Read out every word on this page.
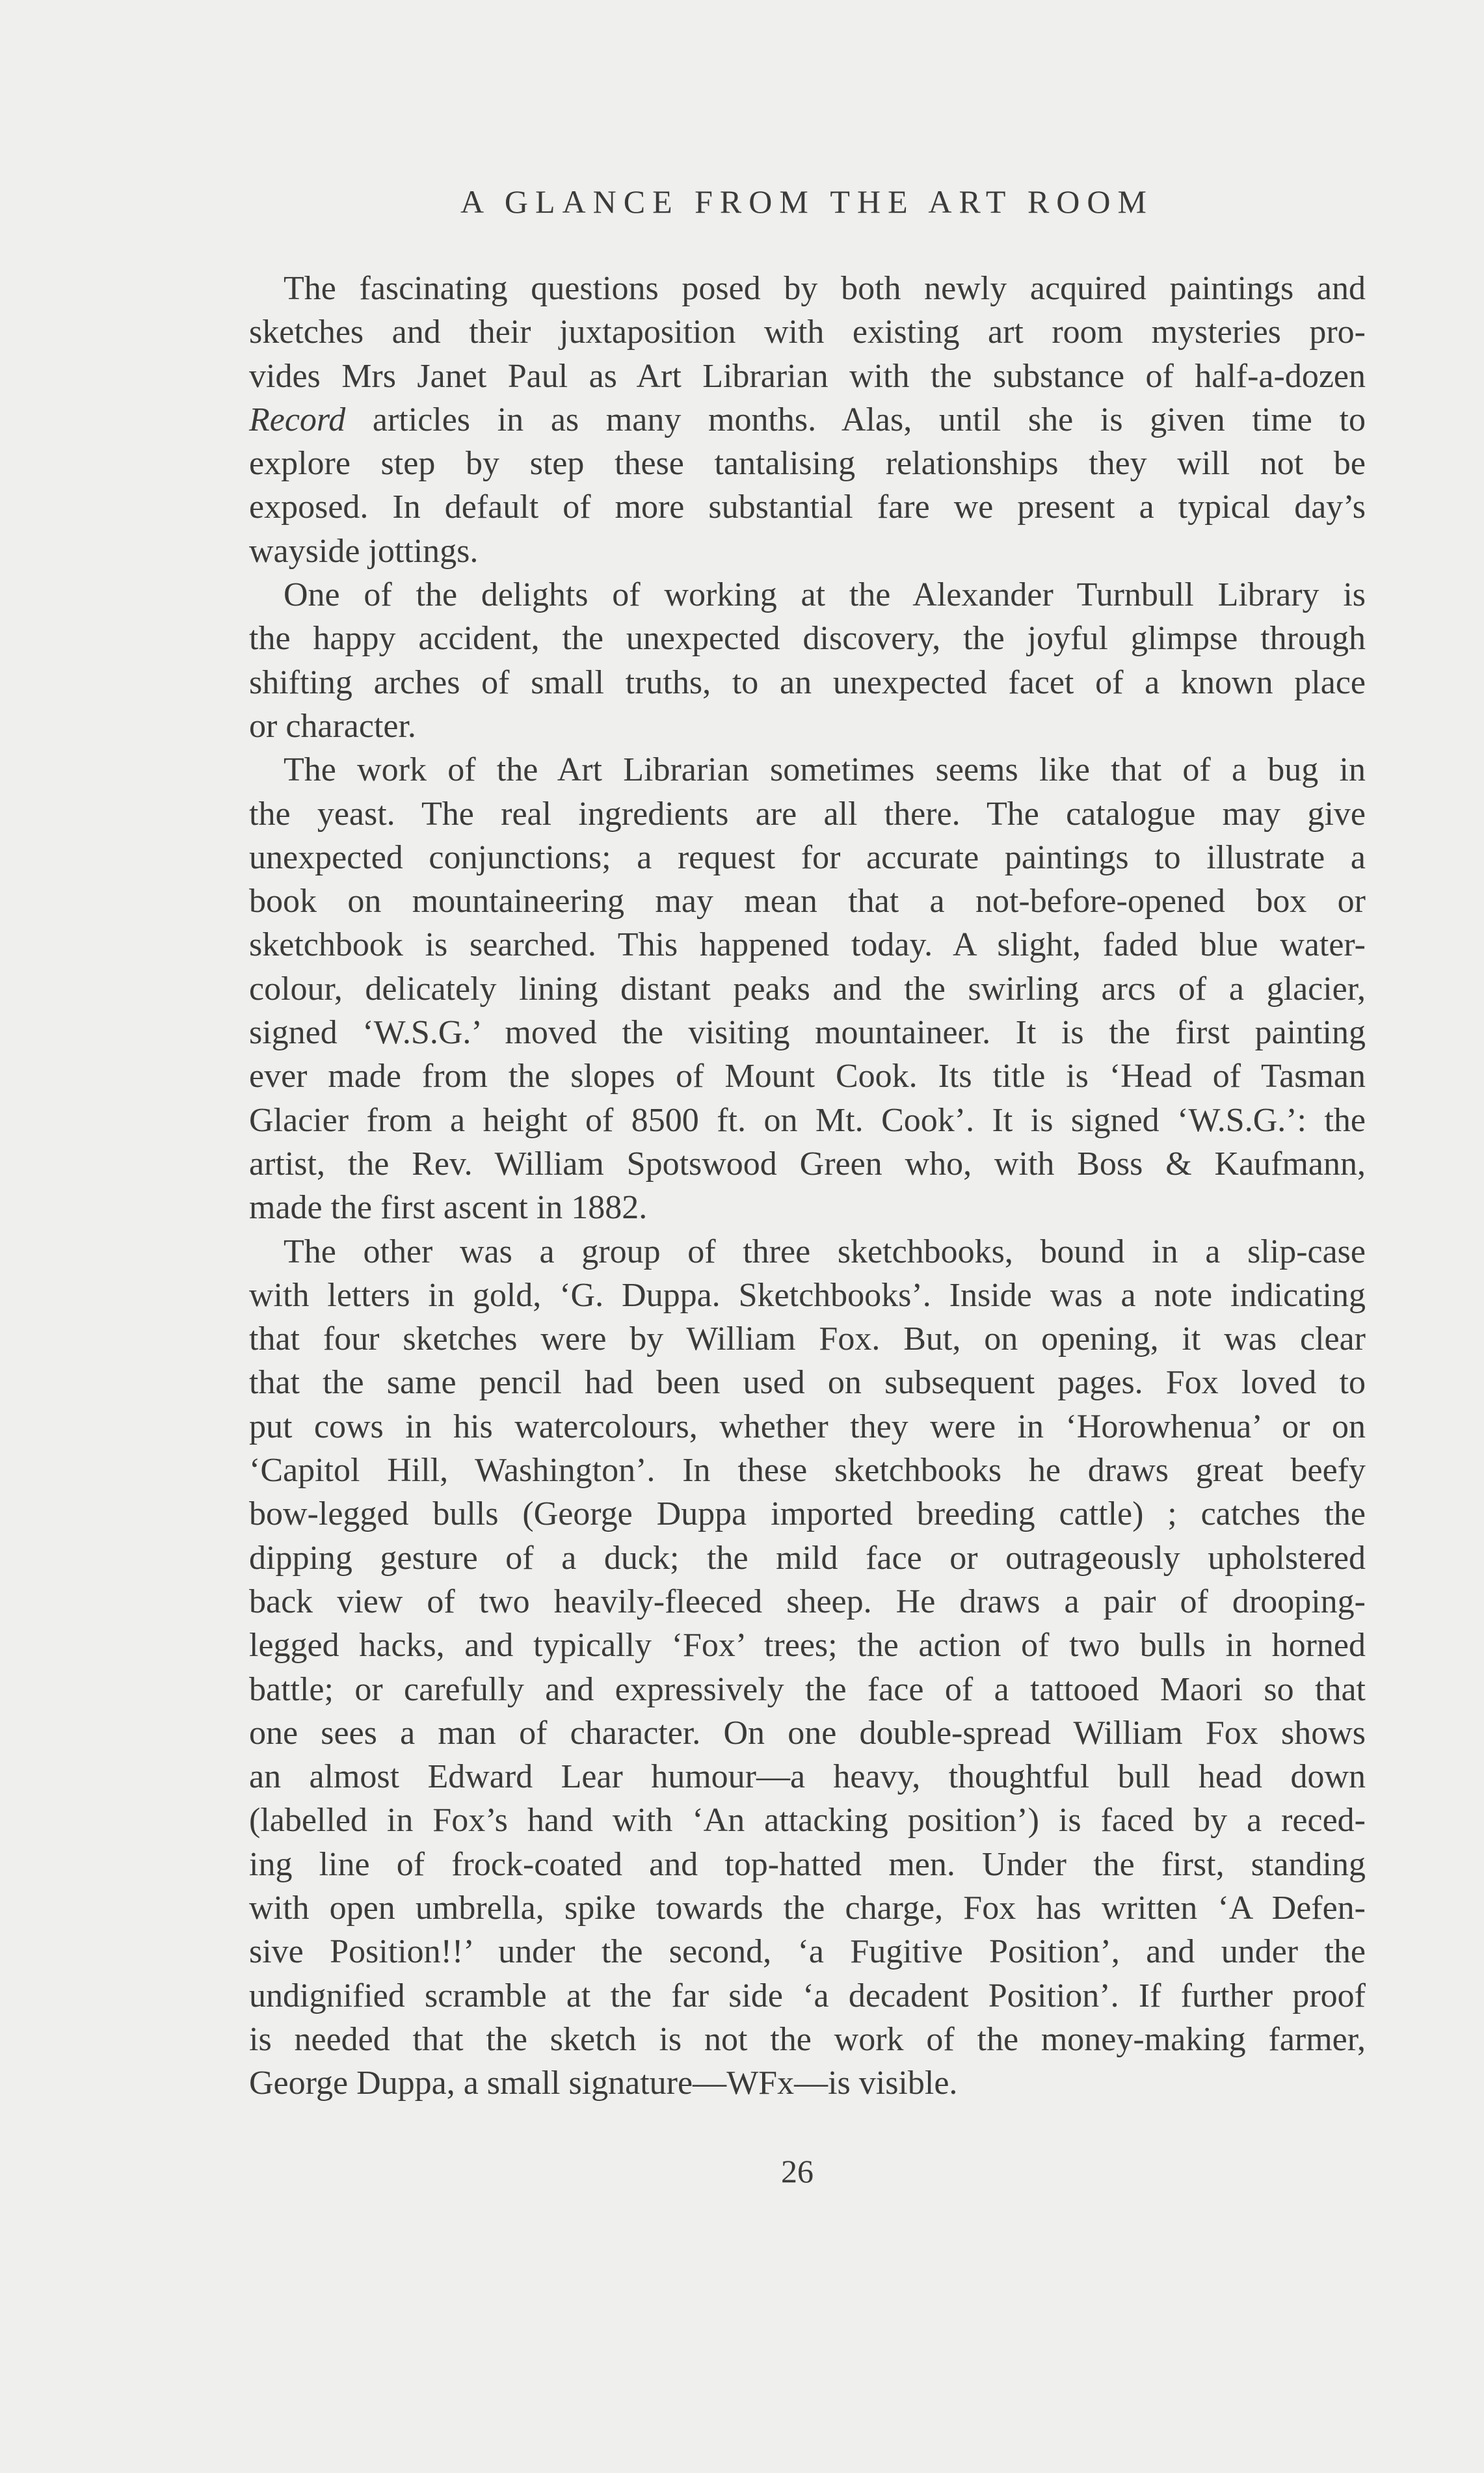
A GLANCE FROM THE ART ROOM
The fascinating questions posed by both newly acquired paintings and
sketches and their juxtaposition with existing art room mysteries pro-
vides Mrs Janet Paul as Art Librarian with the substance of half-a-dozen
Record articles in as many months. Alas, until she is given time to
explore step by step these tantalising relationships they will not be
exposed. In default of more substantial fare we present a typical day’s
wayside jottings.
One of the delights of working at the Alexander Turnbull Library is
the happy accident, the unexpected discovery, the joyful glimpse through
shifting arches of small truths, to an unexpected facet of a known place
or character.
The work of the Art Librarian sometimes seems like that of a bug in
the yeast. The real ingredients are all there. The catalogue may give
unexpected conjunctions; a request for accurate paintings to illustrate a
book on mountaineering may mean that a not-before-opened box or
sketchbook is searched. This happened today. A slight, faded blue water-
colour, delicately lining distant peaks and the swirling arcs of a glacier,
signed ‘W.S.G.’ moved the visiting mountaineer. It is the first painting
ever made from the slopes of Mount Cook. Its title is ‘Head of Tasman
Glacier from a height of 8500 ft. on Mt. Cook’. It is signed ‘W.S.G.’: the
artist, the Rev. William Spotswood Green who, with Boss & Kaufmann,
made the first ascent in 1882.
The other was a group of three sketchbooks, bound in a slip-case
with letters in gold, ‘G. Duppa. Sketchbooks’. Inside was a note indicating
that four sketches were by William Fox. But, on opening, it was clear
that the same pencil had been used on subsequent pages. Fox loved to
put cows in his watercolours, whether they were in ‘Horowhenua’ or on
‘Capitol Hill, Washington’. In these sketchbooks he draws great beefy
bow-legged bulls (George Duppa imported breeding cattle) ; catches the
dipping gesture of a duck; the mild face or outrageously upholstered
back view of two heavily-fleeced sheep. He draws a pair of drooping-
legged hacks, and typically ‘Fox’ trees; the action of two bulls in horned
battle; or carefully and expressively the face of a tattooed Maori so that
one sees a man of character. On one double-spread William Fox shows
an almost Edward Lear humour—a heavy, thoughtful bull head down
(labelled in Fox’s hand with ‘An attacking position’) is faced by a reced-
ing line of frock-coated and top-hatted men. Under the first, standing
with open umbrella, spike towards the charge, Fox has written ‘A Defen-
sive Position!!’ under the second, ‘a Fugitive Position’, and under the
undignified scramble at the far side ‘a decadent Position’. If further proof
is needed that the sketch is not the work of the money-making farmer,
George Duppa, a small signature—WFx—is visible.
26
